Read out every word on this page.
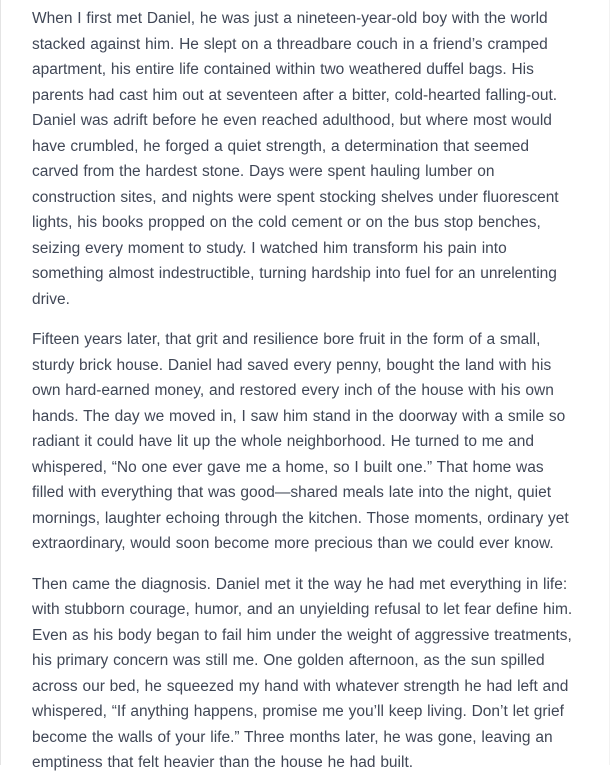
When I first met Daniel, he was just a nineteen-year-old boy with the world stacked against him. He slept on a threadbare couch in a friend’s cramped apartment, his entire life contained within two weathered duffel bags. His parents had cast him out at seventeen after a bitter, cold-hearted falling-out. Daniel was adrift before he even reached adulthood, but where most would have crumbled, he forged a quiet strength, a determination that seemed carved from the hardest stone. Days were spent hauling lumber on construction sites, and nights were spent stocking shelves under fluorescent lights, his books propped on the cold cement or on the bus stop benches, seizing every moment to study. I watched him transform his pain into something almost indestructible, turning hardship into fuel for an unrelenting drive.

Fifteen years later, that grit and resilience bore fruit in the form of a small, sturdy brick house. Daniel had saved every penny, bought the land with his own hard-earned money, and restored every inch of the house with his own hands. The day we moved in, I saw him stand in the doorway with a smile so radiant it could have lit up the whole neighborhood. He turned to me and whispered, “No one ever gave me a home, so I built one.” That home was filled with everything that was good—shared meals late into the night, quiet mornings, laughter echoing through the kitchen. Those moments, ordinary yet extraordinary, would soon become more precious than we could ever know.

Then came the diagnosis. Daniel met it the way he had met everything in life: with stubborn courage, humor, and an unyielding refusal to let fear define him. Even as his body began to fail him under the weight of aggressive treatments, his primary concern was still me. One golden afternoon, as the sun spilled across our bed, he squeezed my hand with whatever strength he had left and whispered, “If anything happens, promise me you’ll keep living. Don’t let grief become the walls of your life.” Three months later, he was gone, leaving an emptiness that felt heavier than the house he had built.
